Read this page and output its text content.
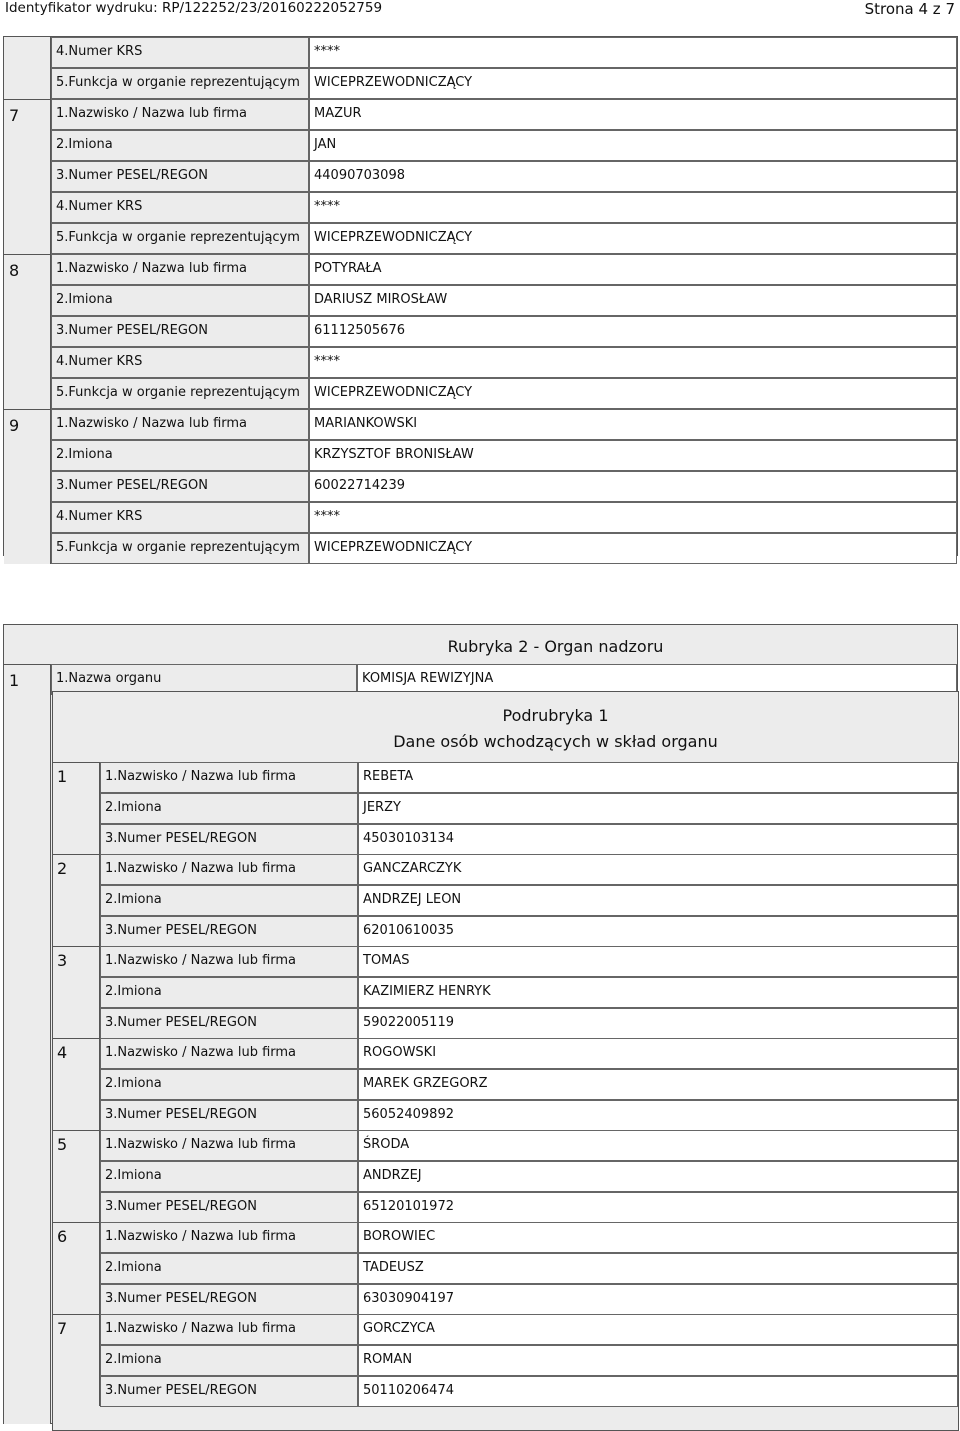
Identyfikator wydruku: RP/122252/23/20160222052759	Strona 4 z 7
4.Numer KRS	****
5.Funkcja w organie reprezentującym	WICEPRZEWODNICZĄCY
7	1.Nazwisko / Nazwa lub firma	MAZUR
2.Imiona	JAN
3.Numer PESEL/REGON	44090703098
4.Numer KRS	****
5.Funkcja w organie reprezentującym	WICEPRZEWODNICZĄCY
8	1.Nazwisko / Nazwa lub firma	POTYRAŁA
2.Imiona	DARIUSZ MIROSŁAW
3.Numer PESEL/REGON	61112505676
4.Numer KRS	****
5.Funkcja w organie reprezentującym	WICEPRZEWODNICZĄCY
9	1.Nazwisko / Nazwa lub firma	MARIANKOWSKI
2.Imiona	KRZYSZTOF BRONISŁAW
3.Numer PESEL/REGON	60022714239
4.Numer KRS	****
5.Funkcja w organie reprezentującym	WICEPRZEWODNICZĄCY
Rubryka 2 - Organ nadzoru
1	1.Nazwa organu	KOMISJA REWIZYJNA
Podrubryka 1
Dane osób wchodzących w skład organu
1	1.Nazwisko / Nazwa lub firma	REBETA
2.Imiona	JERZY
3.Numer PESEL/REGON	45030103134
2	1.Nazwisko / Nazwa lub firma	GANCZARCZYK
2.Imiona	ANDRZEJ LEON
3.Numer PESEL/REGON	62010610035
3	1.Nazwisko / Nazwa lub firma	TOMAS
2.Imiona	KAZIMIERZ HENRYK
3.Numer PESEL/REGON	59022005119
4	1.Nazwisko / Nazwa lub firma	ROGOWSKI
2.Imiona	MAREK GRZEGORZ
3.Numer PESEL/REGON	56052409892
5	1.Nazwisko / Nazwa lub firma	ŚRODA
2.Imiona	ANDRZEJ
3.Numer PESEL/REGON	65120101972
6	1.Nazwisko / Nazwa lub firma	BOROWIEC
2.Imiona	TADEUSZ
3.Numer PESEL/REGON	63030904197
7	1.Nazwisko / Nazwa lub firma	GORCZYCA
2.Imiona	ROMAN
3.Numer PESEL/REGON	50110206474
